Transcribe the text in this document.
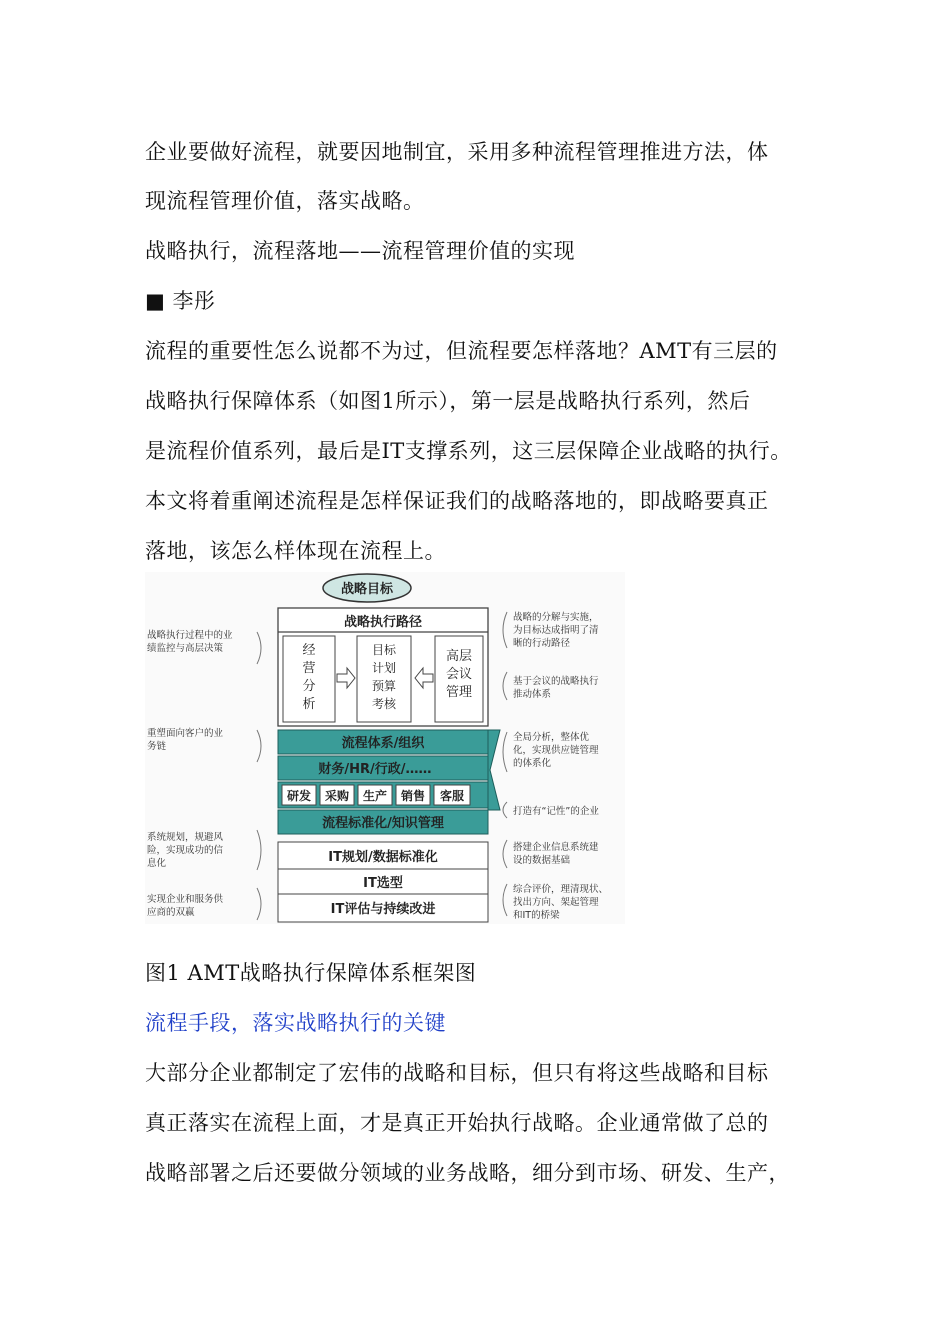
企业要做好流程，就要因地制宜，采用多种流程管理推进方法，体
现流程管理价值，落实战略。
战略执行，流程落地——流程管理价值的实现
■ 李彤
流程的重要性怎么说都不为过，但流程要怎样落地？AMT有三层的
战略执行保障体系（如图1所示），第一层是战略执行系列，然后
是流程价值系列，最后是IT支撑系列，这三层保障企业战略的执行。
本文将着重阐述流程是怎样保证我们的战略落地的，即战略要真正
落地，该怎么样体现在流程上。
战略目标
战略执行路径
经
营
分
析
目标
计划
预算
考核
高层
会议
管理
流程体系/组织
财务/HR/行政/……
研发 采购 生产 销售 客服
流程标准化/知识管理
IT规划/数据标准化
IT选型
IT评估与持续改进
战略执行过程中的业
绩监控与高层决策
重塑面向客户的业
务链
系统规划，规避风
险，实现成功的信
息化
实现企业和服务供
应商的双赢
战略的分解与实施，
为目标达成指明了清
晰的行动路径
基于会议的战略执行
推动体系
全局分析，整体优
化，实现供应链管理
的体系化
打造有“记性”的企业
搭建企业信息系统建
设的数据基础
综合评价，理清现状、
找出方向、架起管理
和IT的桥梁
图1 AMT战略执行保障体系框架图
流程手段，落实战略执行的关键
大部分企业都制定了宏伟的战略和目标，但只有将这些战略和目标
真正落实在流程上面，才是真正开始执行战略。企业通常做了总的
战略部署之后还要做分领域的业务战略，细分到市场、研发、生产，
